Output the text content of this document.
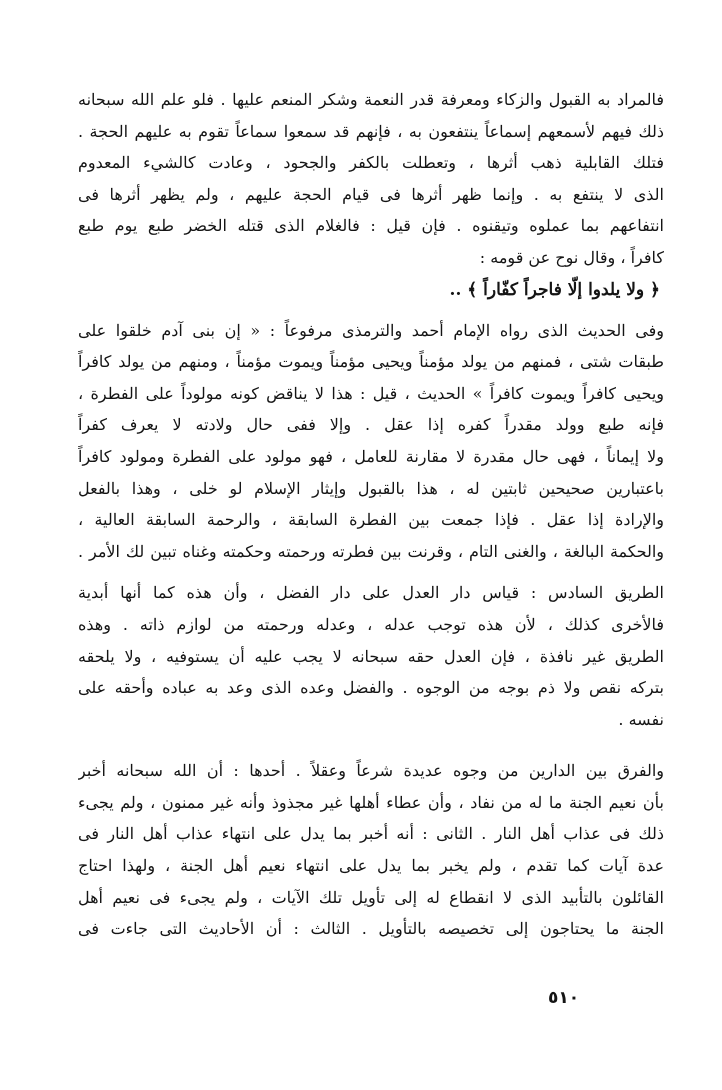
فالمراد به القبول والزكاء ومعرفة قدر النعمة وشكر المنعم عليها . فلو علم الله سبحانه
ذلك فيهم لأسمعهم إسماعاً ينتفعون به ، فإنهم قد سمعوا سماعاً تقوم به عليهم الحجة .
فتلك القابلية ذهب أثرها ، وتعطلت بالكفر والجحود ، وعادت كالشيء المعدوم
الذى لا ينتفع به . وإنما ظهر أثرها فى قيام الحجة عليهم ، ولم يظهر أثرها فى
انتفاعهم بما عملوه وتيقنوه . فإن قيل : فالغلام الذى قتله الخضر طبع يوم طبع
كافراً ، وقال نوح عن قومه :

﴿ ولا يلدوا إلّا فاجراً كفّاراً ﴾ ..

وفى الحديث الذى رواه الإمام أحمد والترمذى مرفوعاً : « إن بنى آدم خلقوا على
طبقات شتى ، فمنهم من يولد مؤمناً ويحيى مؤمناً ويموت مؤمناً ، ومنهم من يولد كافراً
ويحيى كافراً ويموت كافراً » الحديث ، قيل : هذا لا يناقض كونه مولوداً على الفطرة ،
فإنه طبع وولد مقدراً كفره إذا عقل . وإلا ففى حال ولادته لا يعرف كفراً
ولا إيماناً ، فهى حال مقدرة لا مقارنة للعامل ، فهو مولود على الفطرة ومولود كافراً
باعتبارين صحيحين ثابتين له ، هذا بالقبول وإيثار الإسلام لو خلى ، وهذا بالفعل
والإرادة إذا عقل . فإذا جمعت بين الفطرة السابقة ، والرحمة السابقة العالية ،
والحكمة البالغة ، والغنى التام ، وقرنت بين فطرته ورحمته وحكمته وغناه تبين لك الأمر .

الطريق السادس : قياس دار العدل على دار الفضل ، وأن هذه كما أنها أبدية
فالأخرى كذلك ، لأن هذه توجب عدله ، وعدله ورحمته من لوازم ذاته . وهذه
الطريق غير نافذة ، فإن العدل حقه سبحانه لا يجب عليه أن يستوفيه ، ولا يلحقه
بتركه نقص ولا ذم بوجه من الوجوه . والفضل وعده الذى وعد به عباده وأحقه على
نفسه .

والفرق بين الدارين من وجوه عديدة شرعاً وعقلاً . أحدها : أن الله سبحانه أخبر
بأن نعيم الجنة ما له من نفاد ، وأن عطاء أهلها غير مجذوذ وأنه غير ممنون ، ولم يجىء
ذلك فى عذاب أهل النار . الثانى : أنه أخبر بما يدل على انتهاء عذاب أهل النار فى
عدة آيات كما تقدم ، ولم يخبر بما يدل على انتهاء نعيم أهل الجنة ، ولهذا احتاج
القائلون بالتأبيد الذى لا انقطاع له إلى تأويل تلك الآيات ، ولم يجىء فى نعيم أهل
الجنة ما يحتاجون إلى تخصيصه بالتأويل . الثالث : أن الأحاديث التى جاءت فى

٥١٠
